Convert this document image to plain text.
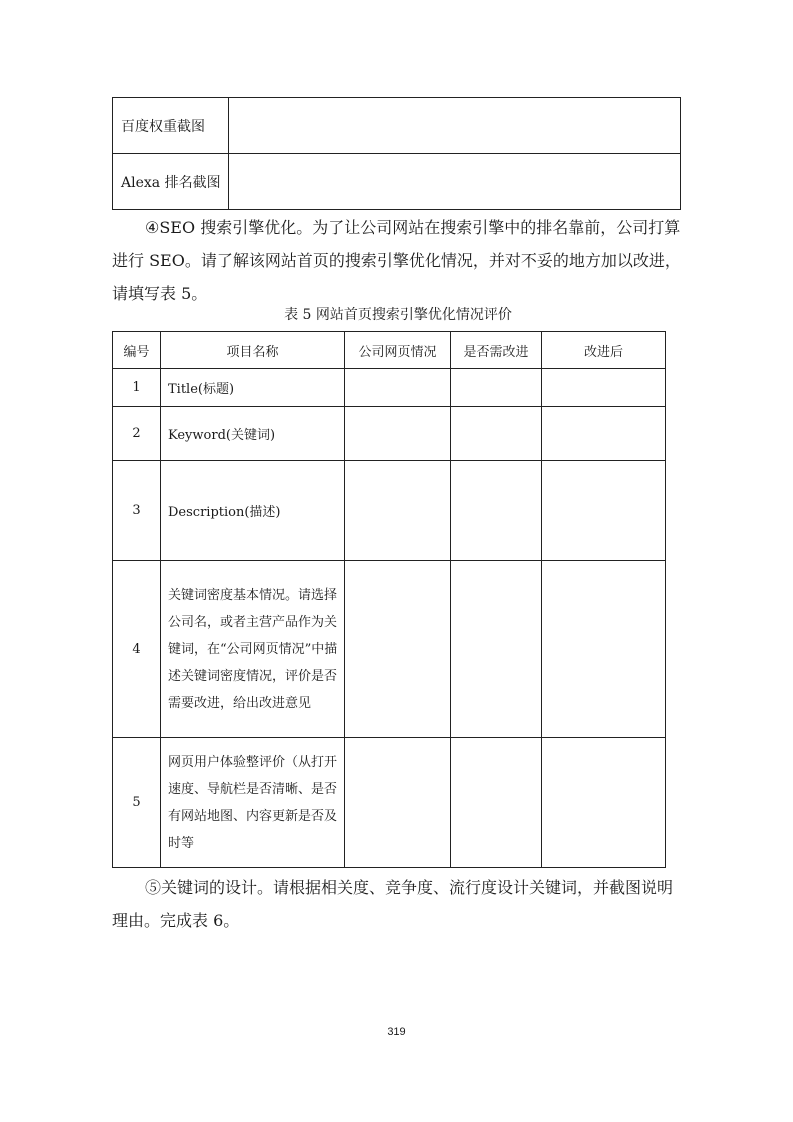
百度权重截图	
Alexa 排名截图	

④SEO 搜索引擎优化。为了让公司网站在搜索引擎中的排名靠前，公司打算进行 SEO。请了解该网站首页的搜索引擎优化情况，并对不妥的地方加以改进，请填写表 5。

表 5 网站首页搜索引擎优化情况评价

编号	项目名称	公司网页情况	是否需改进	改进后
1	Title(标题)			
2	Keyword(关键词)			
3	Description(描述)			
4	关键词密度基本情况。请选择公司名，或者主营产品作为关键词，在“公司网页情况”中描述关键词密度情况，评价是否需要改进，给出改进意见			
5	网页用户体验整评价（从打开速度、导航栏是否清晰、是否有网站地图、内容更新是否及时等			

⑤关键词的设计。请根据相关度、竞争度、流行度设计关键词，并截图说明理由。完成表 6。

319
